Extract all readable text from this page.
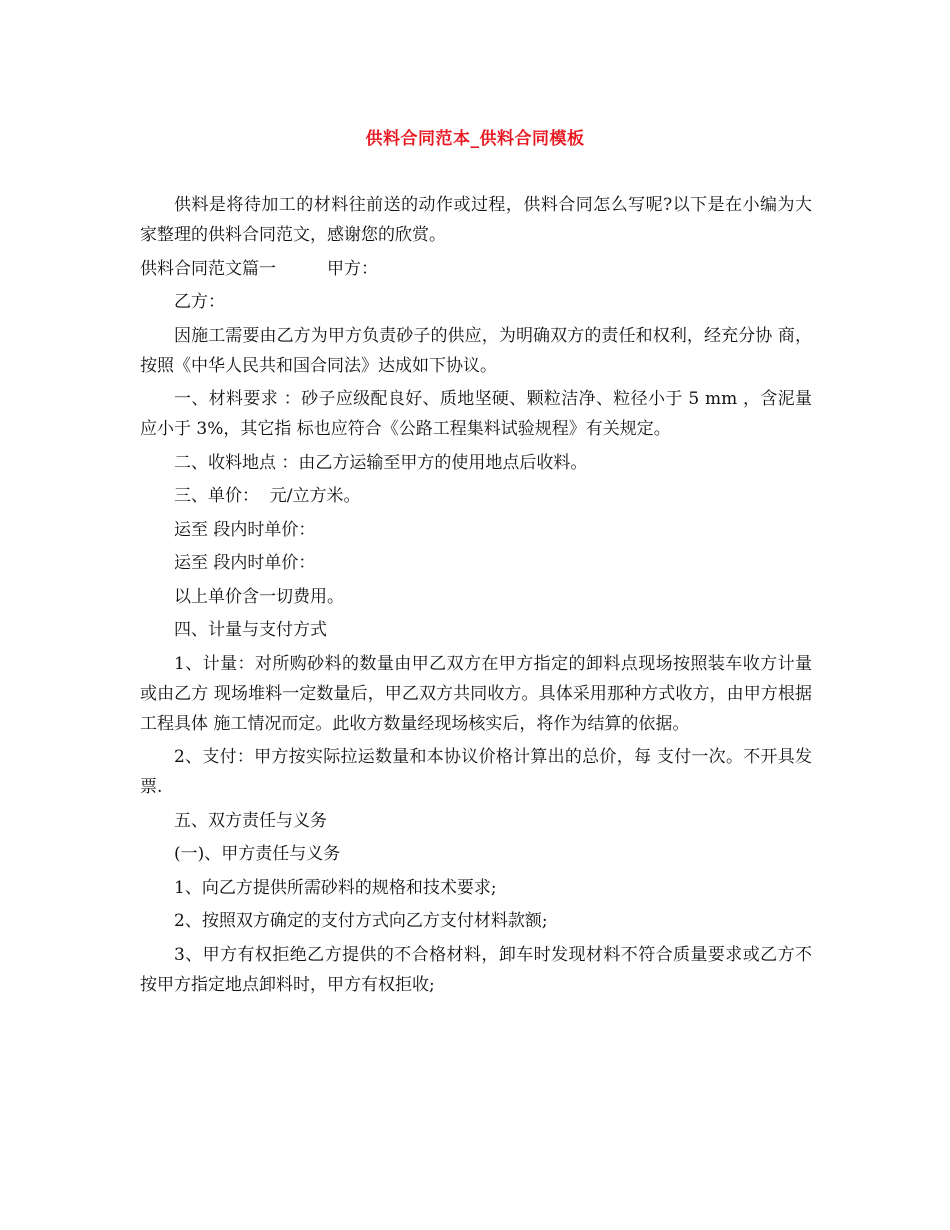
供料合同范本_供料合同模板

供料是将待加工的材料往前送的动作或过程，供料合同怎么写呢?以下是在小编为大家整理的供料合同范文，感谢您的欣赏。

供料合同范文篇一　　　甲方：

乙方：

因施工需要由乙方为甲方负责砂子的供应，为明确双方的责任和权利，经充分协 商，按照《中华人民共和国合同法》达成如下协议。

一、材料要求 ：砂子应级配良好、质地坚硬、颗粒洁净、粒径小于 5 mm ，含泥量应小于 3%，其它指 标也应符合《公路工程集料试验规程》有关规定。

二、收料地点 ：由乙方运输至甲方的使用地点后收料。

三、单价：  元/立方米。

运至 段内时单价：

运至 段内时单价：

以上单价含一切费用。

四、计量与支付方式

1、计量：对所购砂料的数量由甲乙双方在甲方指定的卸料点现场按照装车收方计量或由乙方 现场堆料一定数量后，甲乙双方共同收方。具体采用那种方式收方，由甲方根据工程具体 施工情况而定。此收方数量经现场核实后，将作为结算的依据。

2、支付：甲方按实际拉运数量和本协议价格计算出的总价，每 支付一次。不开具发票.

五、双方责任与义务

(一)、甲方责任与义务

1、向乙方提供所需砂料的规格和技术要求;

2、按照双方确定的支付方式向乙方支付材料款额;

3、甲方有权拒绝乙方提供的不合格材料，卸车时发现材料不符合质量要求或乙方不 按甲方指定地点卸料时，甲方有权拒收;
